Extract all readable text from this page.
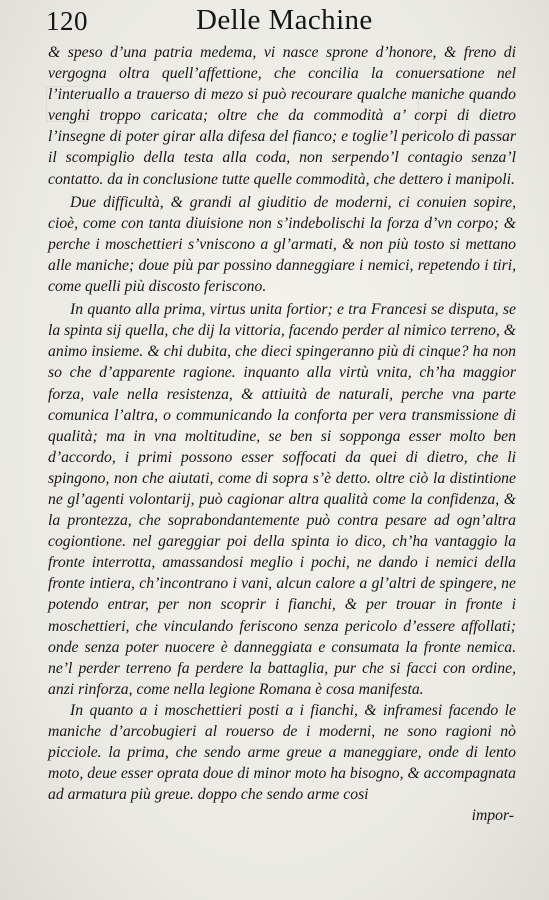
120	Delle Machine

& speso d’una patria medema, vi nasce sprone d’honore, & freno di vergogna oltra quell’affettione, che concilia la conuersatione nel l’interuallo a trauerso di mezo si può recourare qualche maniche quando venghi troppo caricata; oltre che da commodità a’ corpi di dietro l’insegne di poter girar alla difesa del fianco; e toglie’l pericolo di passar il scompiglio della testa alla coda, non serpendo’l contagio senza’l contatto. da in conclusione tutte quelle commodità, che dettero i manipoli.

Due difficultà, & grandi al giuditio de moderni, ci conuien sopire, cioè, come con tanta diuisione non s’indebolischi la forza d’vn corpo; & perche i moschettieri s’vniscono a gl’armati, & non più tosto si mettano alle maniche; doue più par possino danneggiare i nemici, repetendo i tiri, come quelli più discosto feriscono.

In quanto alla prima, virtus unita fortior; e tra Francesi se disputa, se la spinta sij quella, che dij la vittoria, facendo perder al nimico terreno, & animo insieme. & chi dubita, che dieci spingeranno più di cinque? ha non so che d’apparente ragione. inquanto alla virtù vnita, ch’ha maggior forza, vale nella resistenza, & attiuità de naturali, perche vna parte comunica l’altra, o communicando la conforta per vera transmissione di qualità; ma in vna moltitudine, se ben si sopponga esser molto ben d’accordo, i primi possono esser soffocati da quei di dietro, che li spingono, non che aiutati, come di sopra s’è detto. oltre ciò la distintione ne gl’agenti volontarij, può cagionar altra qualità come la confidenza, & la prontezza, che soprabondantemente può contra pesare ad ogn’altra cogiontione. nel gareggiar poi della spinta io dico, ch’ha vantaggio la fronte interrotta, amassandosi meglio i pochi, ne dando i nemici della fronte intiera, ch’incontrano i vani, alcun calore a gl’altri de spingere, ne potendo entrar, per non scoprir i fianchi, & per trouar in fronte i moschettieri, che vinculando feriscono senza pericolo d’essere affollati; onde senza poter nuocere è danneggiata e consumata la fronte nemica. ne’l perder terreno fa perdere la battaglia, pur che si facci con ordine, anzi rinforza, come nella legione Romana è cosa manifesta.

In quanto a i moschettieri posti a i fianchi, & inframesi facendo le maniche d’arcobugieri al rouerso de i moderni, ne sono ragioni nò picciole. la prima, che sendo arme greue a maneggiare, onde di lento moto, deue esser oprata doue di minor moto ha bisogno, & accompagnata ad armatura più greue. doppo che sendo arme cosi

impor-
